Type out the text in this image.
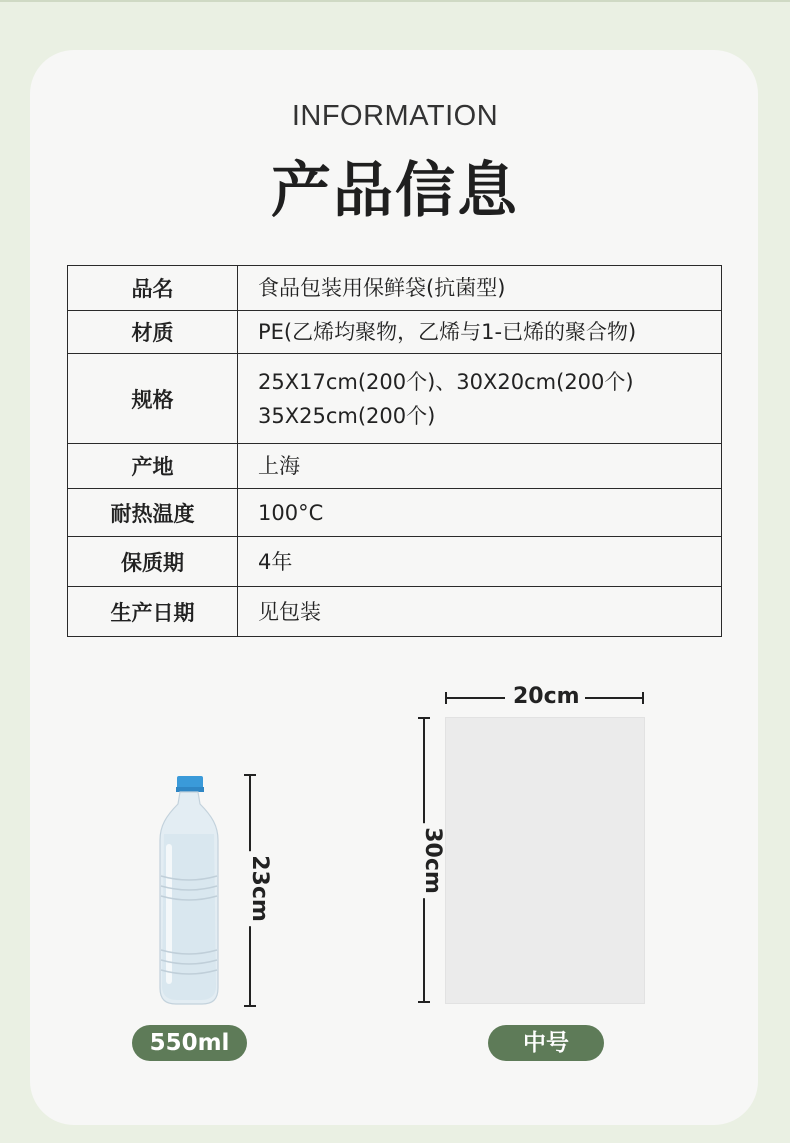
INFORMATION
产品信息
品名	食品包装用保鲜袋(抗菌型)

材质	PE(乙烯均聚物，乙烯与1-已烯的聚合物)

规格	25X17cm(200个)、30X20cm(200个)
35X25cm(200个)

产地	上海

耐热温度	100°C

保质期	4年

生产日期	见包装
23cm
20cm
30cm
550ml	中号
